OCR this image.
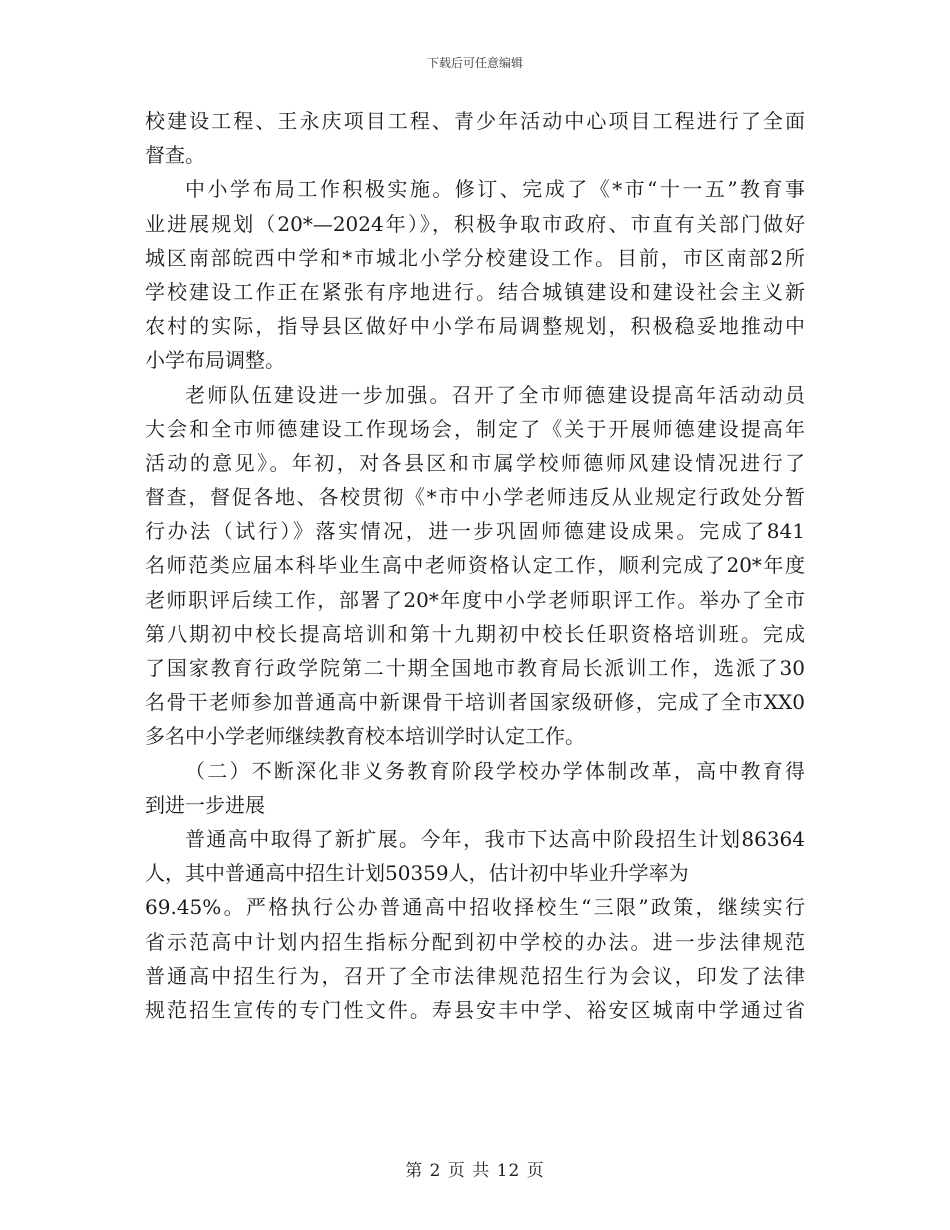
下载后可任意编辑
校建设工程、王永庆项目工程、青少年活动中心项目工程进行了全面
督查。
中小学布局工作积极实施。修订、完成了《*市“十一五”教育事
业进展规划（20*—2024年）》，积极争取市政府、市直有关部门做好
城区南部皖西中学和*市城北小学分校建设工作。目前，市区南部2所
学校建设工作正在紧张有序地进行。结合城镇建设和建设社会主义新
农村的实际，指导县区做好中小学布局调整规划，积极稳妥地推动中
小学布局调整。
老师队伍建设进一步加强。召开了全市师德建设提高年活动动员
大会和全市师德建设工作现场会，制定了《关于开展师德建设提高年
活动的意见》。年初，对各县区和市属学校师德师风建设情况进行了
督查，督促各地、各校贯彻《*市中小学老师违反从业规定行政处分暂
行办法（试行）》落实情况，进一步巩固师德建设成果。完成了841
名师范类应届本科毕业生高中老师资格认定工作，顺利完成了20*年度
老师职评后续工作，部署了20*年度中小学老师职评工作。举办了全市
第八期初中校长提高培训和第十九期初中校长任职资格培训班。完成
了国家教育行政学院第二十期全国地市教育局长派训工作，选派了30
名骨干老师参加普通高中新课骨干培训者国家级研修，完成了全市XX0
多名中小学老师继续教育校本培训学时认定工作。
（二）不断深化非义务教育阶段学校办学体制改革，高中教育得
到进一步进展
普通高中取得了新扩展。今年，我市下达高中阶段招生计划86364
人，其中普通高中招生计划50359人，估计初中毕业升学率为
69.45%。严格执行公办普通高中招收择校生“三限”政策，继续实行
省示范高中计划内招生指标分配到初中学校的办法。进一步法律规范
普通高中招生行为，召开了全市法律规范招生行为会议，印发了法律
规范招生宣传的专门性文件。寿县安丰中学、裕安区城南中学通过省
第 2 页 共 12 页
